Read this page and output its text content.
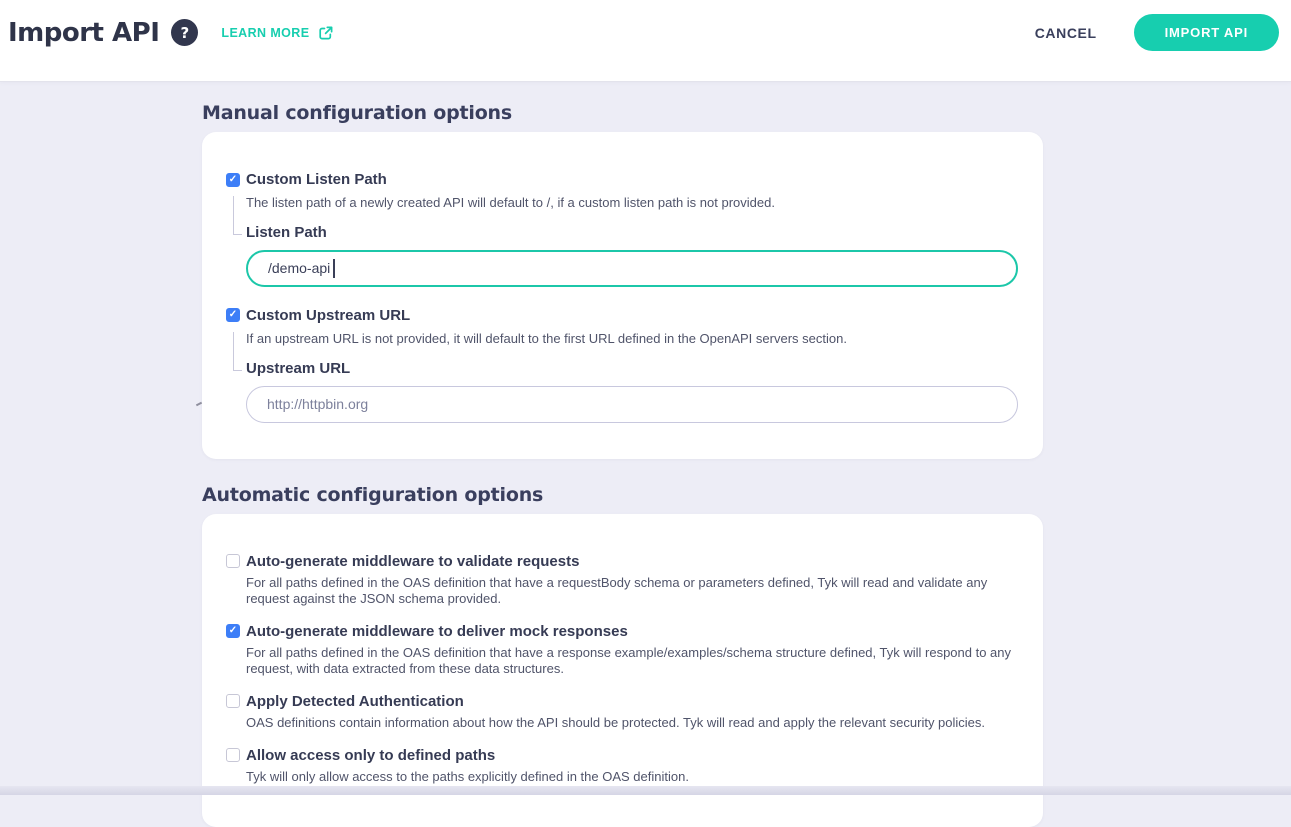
Import API ?	LEARN MORE	CANCEL	IMPORT API
Manual configuration options
✓ Custom Listen Path
The listen path of a newly created API will default to /, if a custom listen path is not provided.
Listen Path
/demo-api
✓ Custom Upstream URL
If an upstream URL is not provided, it will default to the first URL defined in the OpenAPI servers section.
Upstream URL
http://httpbin.org
Automatic configuration options
Auto-generate middleware to validate requests
For all paths defined in the OAS definition that have a requestBody schema or parameters defined, Tyk will read and validate any request against the JSON schema provided.
✓ Auto-generate middleware to deliver mock responses
For all paths defined in the OAS definition that have a response example/examples/schema structure defined, Tyk will respond to any request, with data extracted from these data structures.
Apply Detected Authentication
OAS definitions contain information about how the API should be protected. Tyk will read and apply the relevant security policies.
Allow access only to defined paths
Tyk will only allow access to the paths explicitly defined in the OAS definition.
